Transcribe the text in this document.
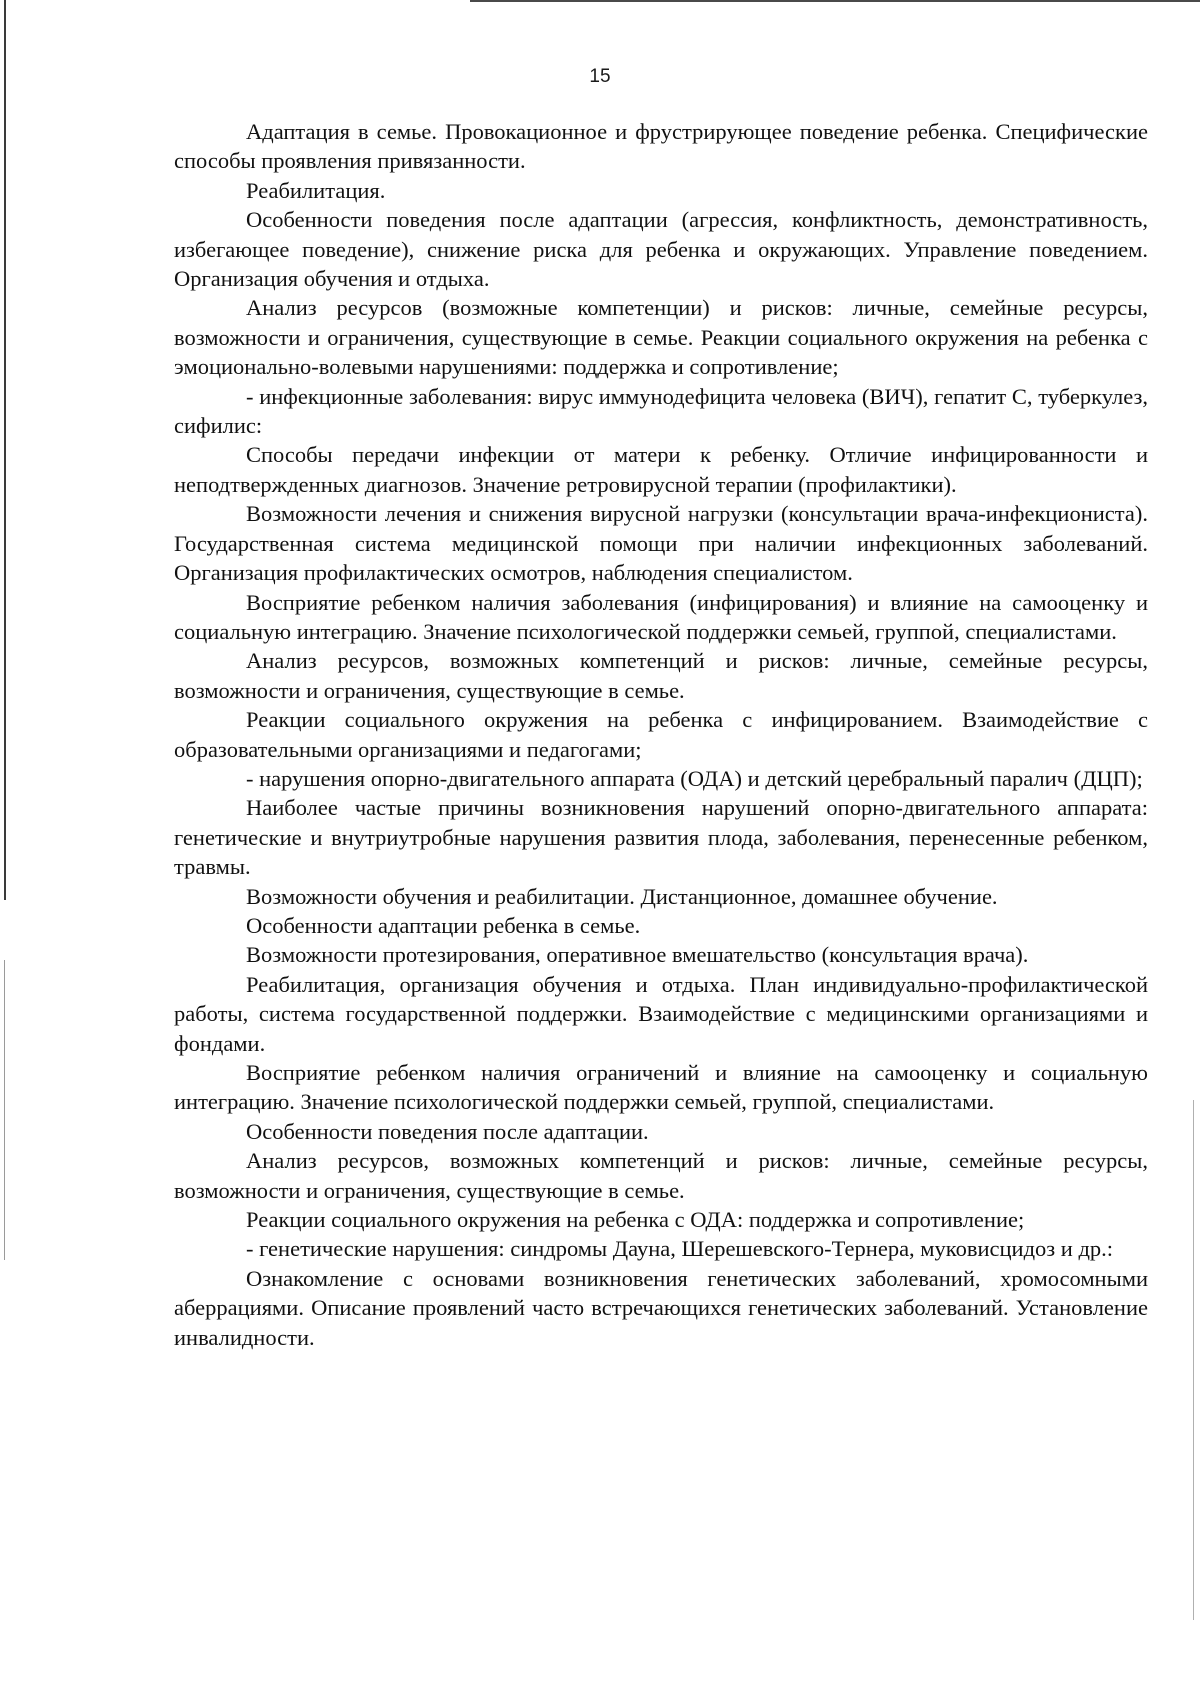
15

Адаптация в семье. Провокационное и фрустрирующее поведение ребенка. Специфические способы проявления привязанности.

Реабилитация.

Особенности поведения после адаптации (агрессия, конфликтность, демонстративность, избегающее поведение), снижение риска для ребенка и окружающих. Управление поведением. Организация обучения и отдыха.

Анализ ресурсов (возможные компетенции) и рисков: личные, семейные ресурсы, возможности и ограничения, существующие в семье. Реакции социального окружения на ребенка с эмоционально-волевыми нарушениями: поддержка и сопротивление;

- инфекционные заболевания: вирус иммунодефицита человека (ВИЧ), гепатит С, туберкулез, сифилис:

Способы передачи инфекции от матери к ребенку. Отличие инфицированности и неподтвержденных диагнозов. Значение ретровирусной терапии (профилактики).

Возможности лечения и снижения вирусной нагрузки (консультации врача-инфекциониста). Государственная система медицинской помощи при наличии инфекционных заболеваний. Организация профилактических осмотров, наблюдения специалистом.

Восприятие ребенком наличия заболевания (инфицирования) и влияние на самооценку и социальную интеграцию. Значение психологической поддержки семьей, группой, специалистами.

Анализ ресурсов, возможных компетенций и рисков: личные, семейные ресурсы, возможности и ограничения, существующие в семье.

Реакции социального окружения на ребенка с инфицированием. Взаимодействие с образовательными организациями и педагогами;

- нарушения опорно-двигательного аппарата (ОДА) и детский церебральный паралич (ДЦП);

Наиболее частые причины возникновения нарушений опорно-двигательного аппарата: генетические и внутриутробные нарушения развития плода, заболевания, перенесенные ребенком, травмы.

Возможности обучения и реабилитации. Дистанционное, домашнее обучение.

Особенности адаптации ребенка в семье.

Возможности протезирования, оперативное вмешательство (консультация врача).

Реабилитация, организация обучения и отдыха. План индивидуально-профилактической работы, система государственной поддержки. Взаимодействие с медицинскими организациями и фондами.

Восприятие ребенком наличия ограничений и влияние на самооценку и социальную интеграцию. Значение психологической поддержки семьей, группой, специалистами.

Особенности поведения после адаптации.

Анализ ресурсов, возможных компетенций и рисков: личные, семейные ресурсы, возможности и ограничения, существующие в семье.

Реакции социального окружения на ребенка с ОДА: поддержка и сопротивление;

- генетические нарушения: синдромы Дауна, Шерешевского-Тернера, муковисцидоз и др.:

Ознакомление с основами возникновения генетических заболеваний, хромосомными аберрациями. Описание проявлений часто встречающихся генетических заболеваний. Установление инвалидности.
